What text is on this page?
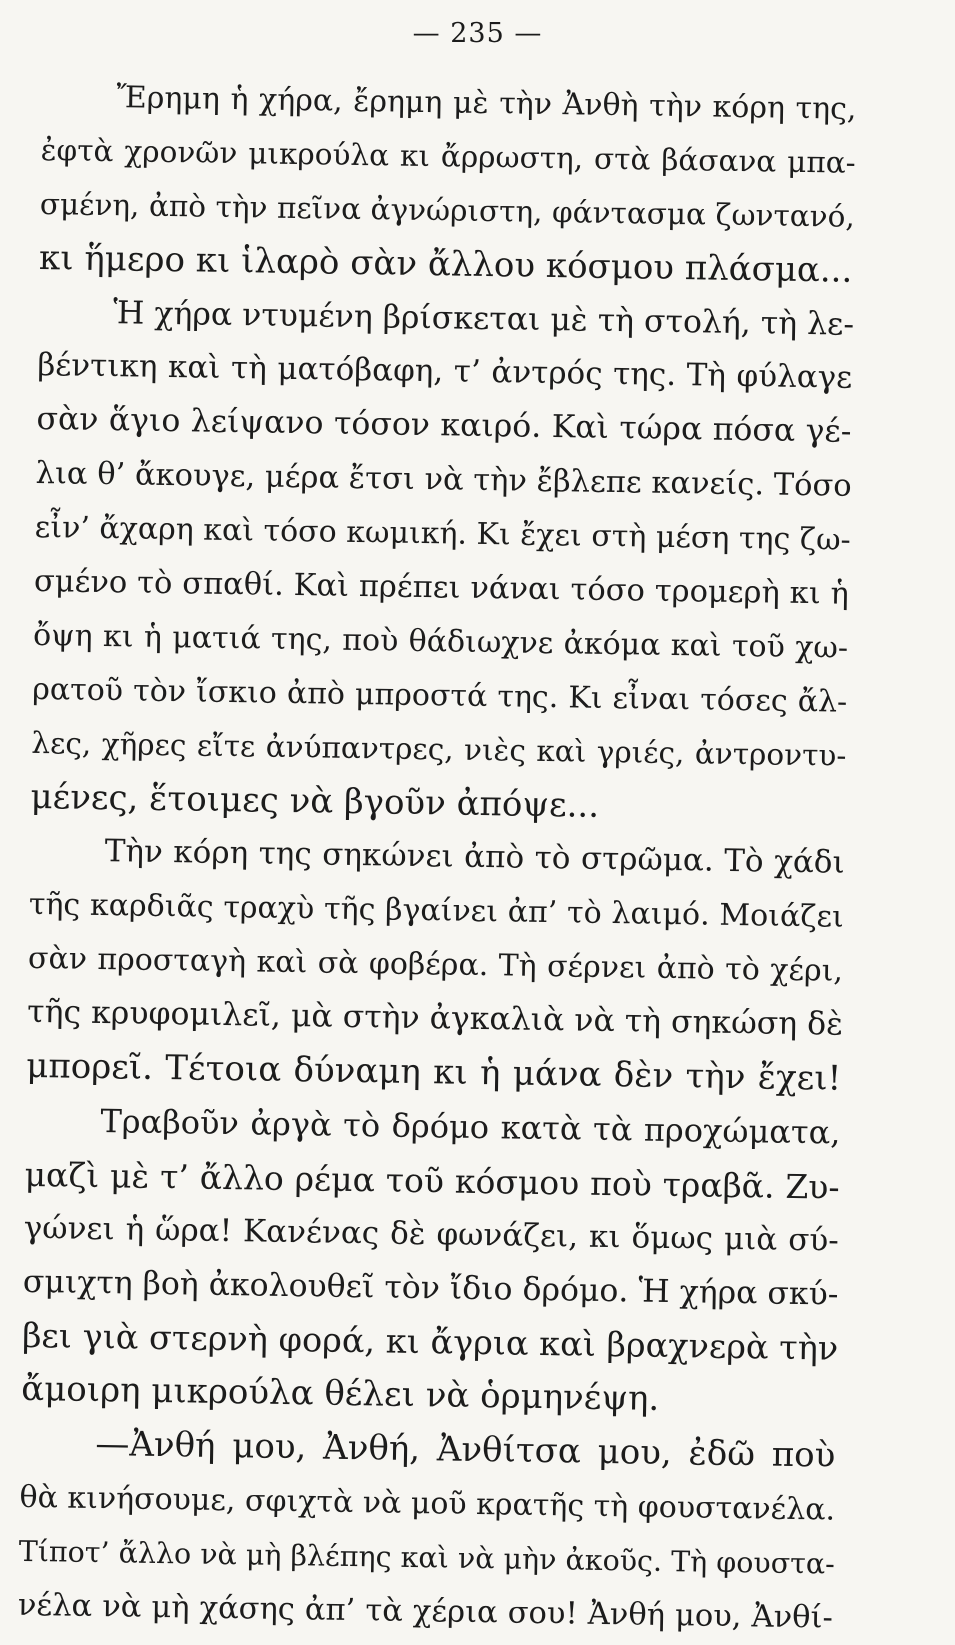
— 235 —
Ἔρημη ἡ χήρα, ἔρημη μὲ τὴν Ἀνθὴ τὴν κόρη της,
ἐφτὰ χρονῶν μικρούλα κι ἄρρωστη, στὰ βάσανα μπα-
σμένη, ἀπὸ τὴν πεῖνα ἀγνώριστη, φάντασμα ζωντανό,
κι ἥμερο κι ἱλαρὸ σὰν ἄλλου κόσμου πλάσμα...
Ἡ χήρα ντυμένη βρίσκεται μὲ τὴ στολή, τὴ λε-
βέντικη καὶ τὴ ματόβαφη, τ’ ἀντρός της. Τὴ φύλαγε
σὰν ἅγιο λείψανο τόσον καιρό. Καὶ τώρα πόσα γέ-
λια θ’ ἄκουγε, μέρα ἔτσι νὰ τὴν ἔβλεπε κανείς. Τόσο
εἶν’ ἄχαρη καὶ τόσο κωμική. Κι ἔχει στὴ μέση της ζω-
σμένο τὸ σπαθί. Καὶ πρέπει νάναι τόσο τρομερὴ κι ἡ
ὄψη κι ἡ ματιά της, ποὺ θάδιωχνε ἀκόμα καὶ τοῦ χω-
ρατοῦ τὸν ἴσκιο ἀπὸ μπροστά της. Κι εἶναι τόσες ἄλ-
λες, χῆρες εἴτε ἀνύπαντρες, νιὲς καὶ γριές, ἀντροντυ-
μένες, ἕτοιμες νὰ βγοῦν ἀπόψε...
Τὴν κόρη της σηκώνει ἀπὸ τὸ στρῶμα. Τὸ χάδι
τῆς καρδιᾶς τραχὺ τῆς βγαίνει ἀπ’ τὸ λαιμό. Μοιάζει
σὰν προσταγὴ καὶ σὰ φοβέρα. Τὴ σέρνει ἀπὸ τὸ χέρι,
τῆς κρυφομιλεῖ, μὰ στὴν ἀγκαλιὰ νὰ τὴ σηκώση δὲ
μπορεῖ. Τέτοια δύναμη κι ἡ μάνα δὲν τὴν ἔχει!
Τραβοῦν ἀργὰ τὸ δρόμο κατὰ τὰ προχώματα,
μαζὶ μὲ τ’ ἄλλο ρέμα τοῦ κόσμου ποὺ τραβᾶ. Ζυ-
γώνει ἡ ὥρα! Κανένας δὲ φωνάζει, κι ὅμως μιὰ σύ-
σμιχτη βοὴ ἀκολουθεῖ τὸν ἴδιο δρόμο. Ἡ χήρα σκύ-
βει γιὰ στερνὴ φορά, κι ἄγρια καὶ βραχνερὰ τὴν
ἄμοιρη μικρούλα θέλει νὰ ὁρμηνέψη.
—Ἀνθή μου, Ἀνθή, Ἀνθίτσα μου, ἐδῶ ποὺ
θὰ κινήσουμε, σφιχτὰ νὰ μοῦ κρατῆς τὴ φουστανέλα.
Τίποτ’ ἄλλο νὰ μὴ βλέπης καὶ νὰ μὴν ἀκοῦς. Τὴ φουστα-
νέλα νὰ μὴ χάσης ἀπ’ τὰ χέρια σου! Ἀνθή μου, Ἀνθί-
